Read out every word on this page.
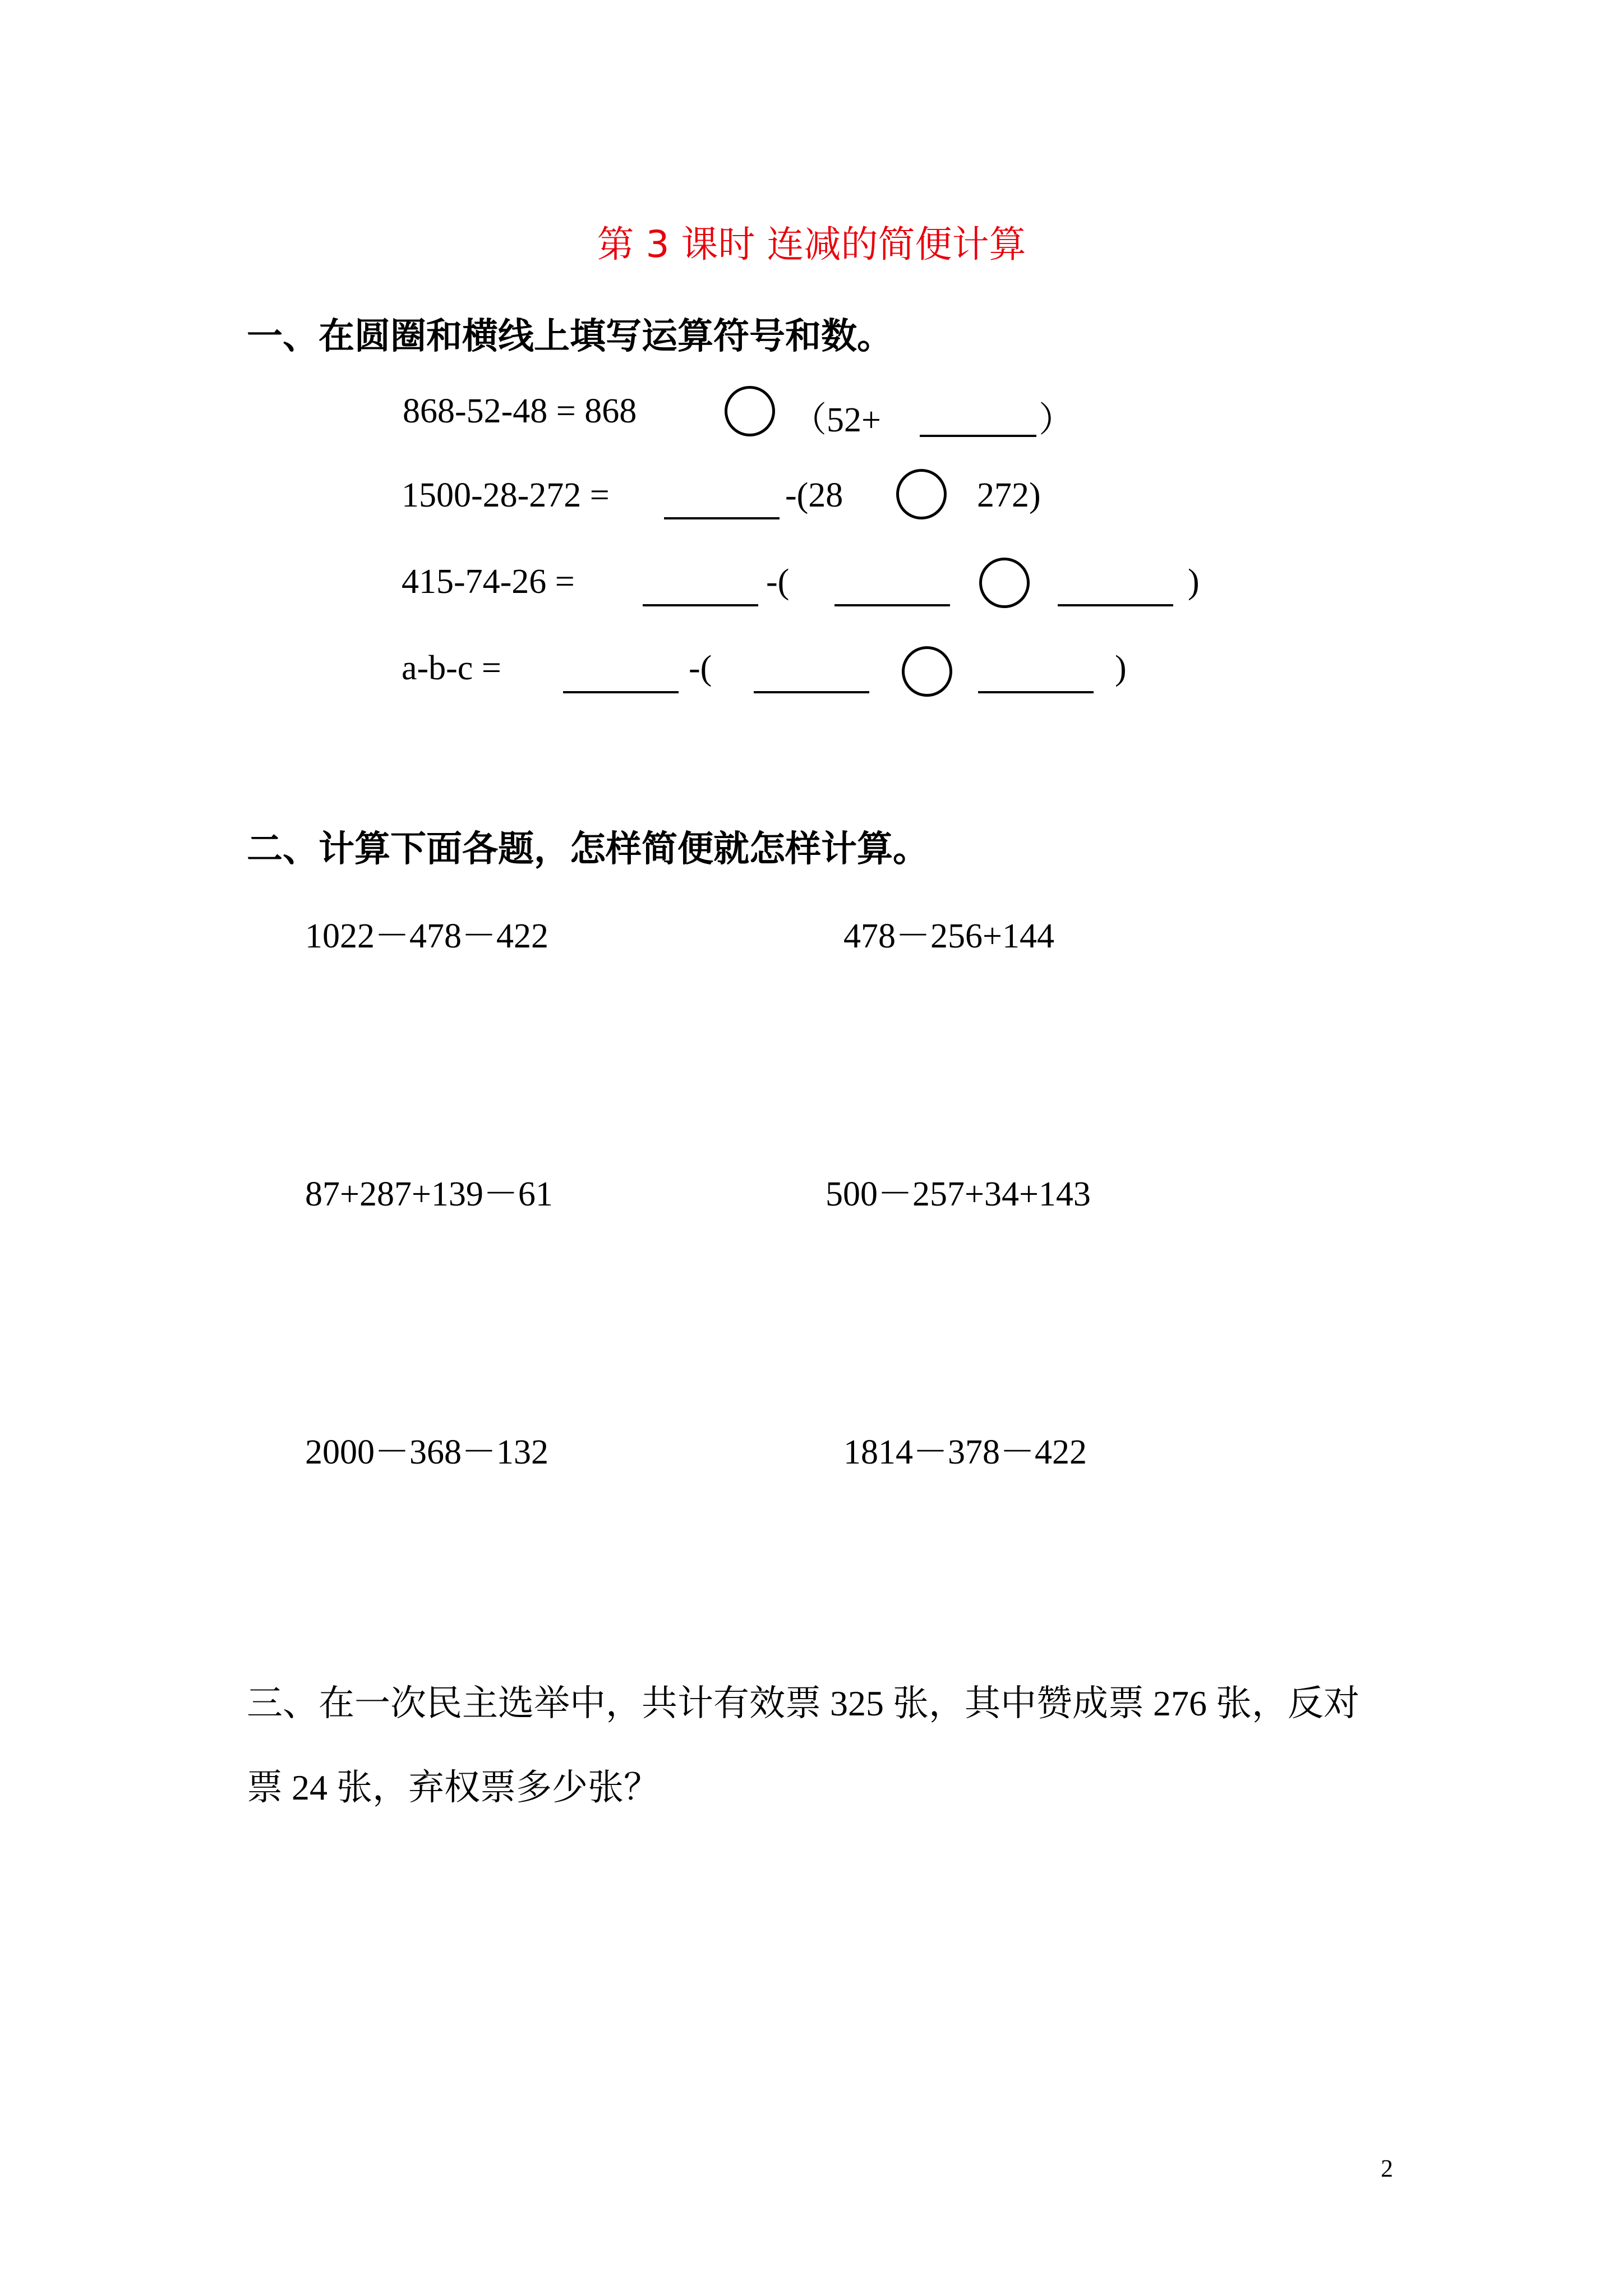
第 3 课时 连减的简便计算
一、在圆圈和横线上填写运算符号和数。
868-52-48 = 868	（52+	）
1500-28-272 =	-(28	272)
415-74-26 =	-(	)
a-b-c =	-(	)
二、计算下面各题，怎样简便就怎样计算。
1022－478－422	478－256+144
87+287+139－61	500－257+34+143
2000－368－132	1814－378－422
三、在一次民主选举中，共计有效票 325 张，其中赞成票 276 张，反对票 24 张，弃权票多少张？
2
